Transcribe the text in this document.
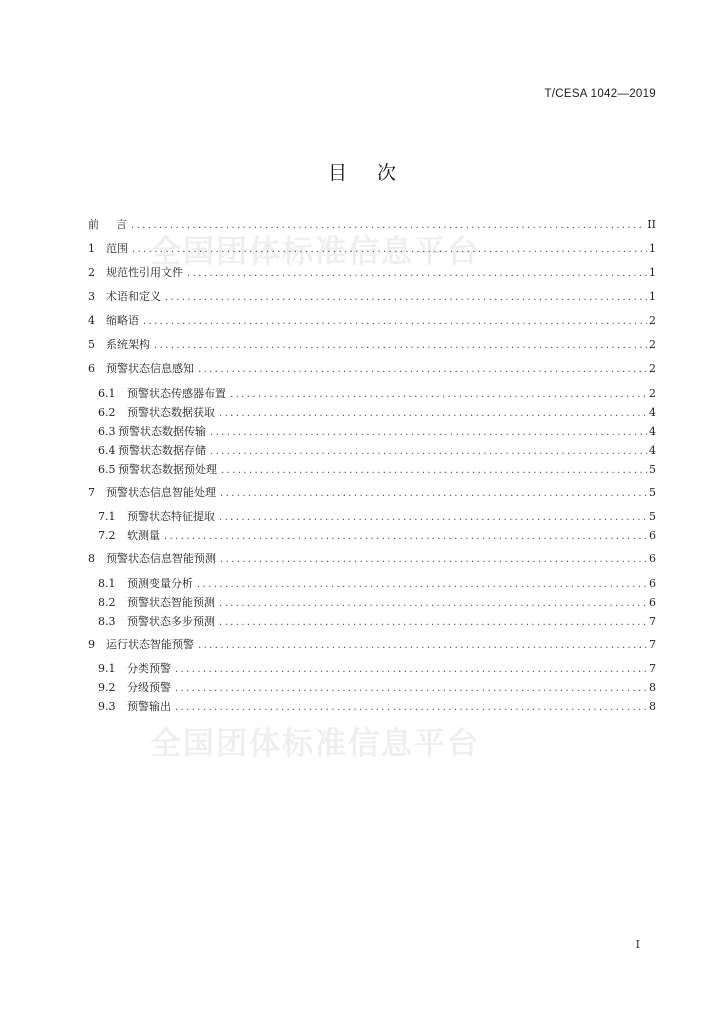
全国团体标准信息平台
全国团体标准信息平台
T/CESA 1042—2019
目次
前	言 .....	II
1	范围 .....	1
2	规范性引用文件 .....	1
3	术语和定义 .....	1
4	缩略语 .....	2
5	系统架构 .....	2
6	预警状态信息感知 .....	2
6.1	预警状态传感器布置 .....	2
6.2	预警状态数据获取 .....	4
6.3 预警状态数据传输 .....	4
6.4 预警状态数据存储 .....	4
6.5 预警状态数据预处理 .....	5
7	预警状态信息智能处理 .....	5
7.1	预警状态特征提取 .....	5
7.2	软测量 .....	6
8	预警状态信息智能预测 .....	6
8.1	预测变量分析 .....	6
8.2	预警状态智能预测 .....	6
8.3	预警状态多步预测 .....	7
9	运行状态智能预警 .....	7
9.1	分类预警 .....	7
9.2	分级预警 .....	8
9.3	预警输出 .....	8
I
